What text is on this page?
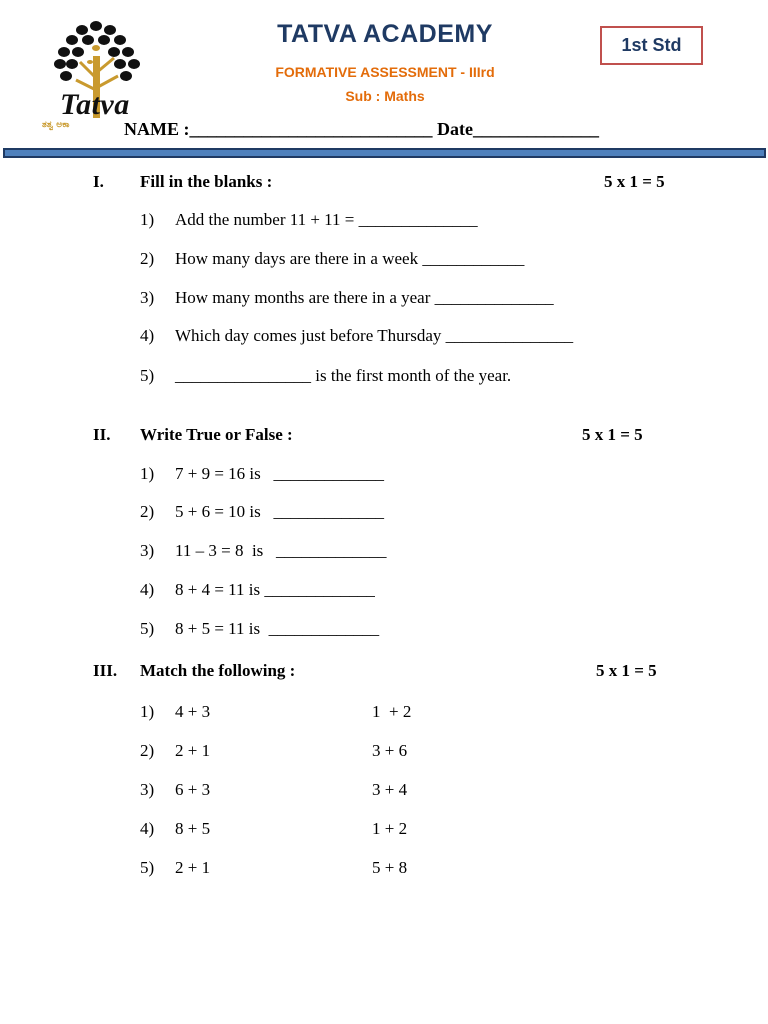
Tatva
ತತ್ವ ಅಕಾ
TATVA ACADEMY
FORMATIVE ASSESSMENT - IIIrd
Sub : Maths
1st Std
NAME :___________________________ Date______________
I. Fill in the blanks :	5 x 1 = 5
1) Add the number 11 + 11 = ______________
2) How many days are there in a week ____________
3) How many months are there in a year ______________
4) Which day comes just before Thursday _______________
5) ________________ is the first month of the year.
II. Write True or False :	5 x 1 = 5
1) 7 + 9 = 16 is   _____________
2) 5 + 6 = 10 is   _____________
3) 11 – 3 = 8  is   _____________
4) 8 + 4 = 11 is _____________
5) 8 + 5 = 11 is  _____________
III. Match the following :	5 x 1 = 5
1) 4 + 3	1  + 2
2) 2 + 1	3 + 6
3) 6 + 3	3 + 4
4) 8 + 5	1 + 2
5) 2 + 1	5 + 8
